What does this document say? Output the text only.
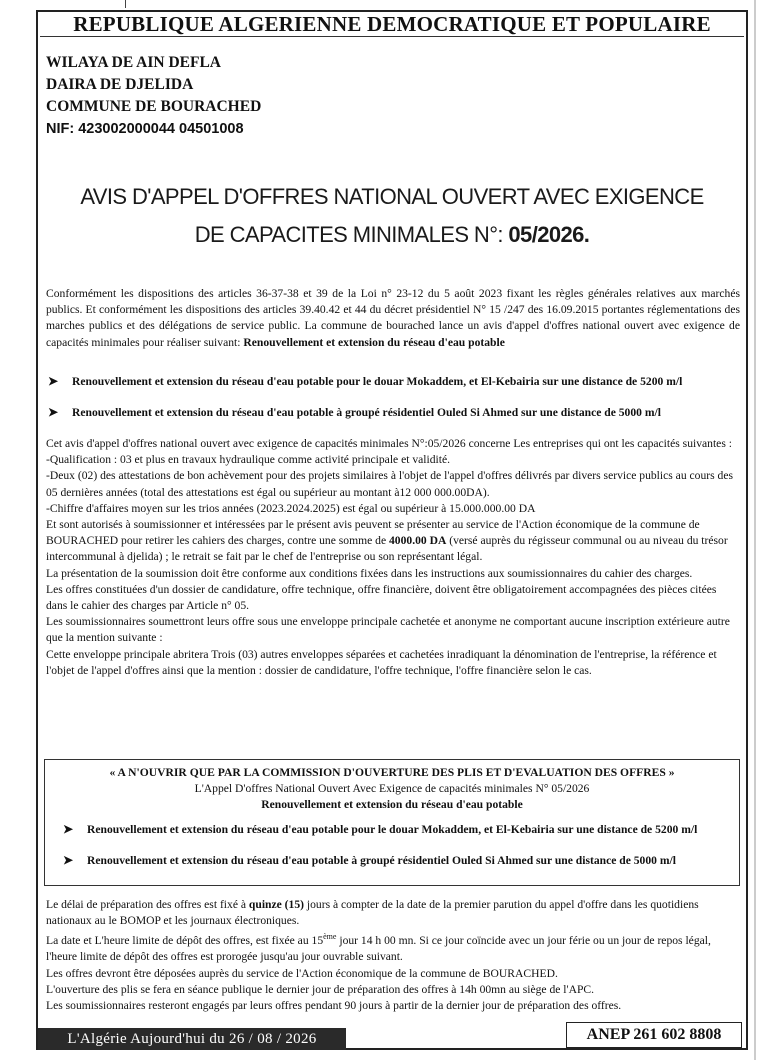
REPUBLIQUE ALGERIENNE DEMOCRATIQUE ET POPULAIRE
WILAYA DE AIN DEFLA
DAIRA DE DJELIDA
COMMUNE DE BOURACHED
NIF: 423002000044 04501008
AVIS D'APPEL D'OFFRES NATIONAL OUVERT AVEC EXIGENCE
DE CAPACITES MINIMALES N°: 05/2026.
Conformément les dispositions des articles 36-37-38 et 39 de la Loi n° 23-12 du 5 août 2023 fixant les règles générales relatives aux marchés publics. Et conformément les dispositions des articles 39.40.42 et 44 du décret présidentiel N° 15 /247 des 16.09.2015 portantes réglementations des marches publics et des délégations de service public. La commune de bourached lance un avis d'appel d'offres national ouvert avec exigence de capacités minimales pour réaliser suivant: Renouvellement et extension du réseau d'eau potable
➤ Renouvellement et extension du réseau d'eau potable pour le douar Mokaddem, et El-Kebairia sur une distance de 5200 m/l
➤ Renouvellement et extension du réseau d'eau potable à groupé résidentiel Ouled Si Ahmed sur une distance de 5000 m/l

Cet avis d'appel d'offres national ouvert avec exigence de capacités minimales N°:05/2026 concerne Les entreprises qui ont les capacités suivantes :

-Qualification : 03 et plus en travaux hydraulique comme activité principale et validité.

-Deux (02) des attestations de bon achèvement pour des projets similaires à l'objet de l'appel d'offres délivrés par divers service publics au cours des 05 dernières années (total des attestations est égal ou supérieur au montant à12 000 000.00DA).

-Chiffre d'affaires moyen sur les trios années (2023.2024.2025) est égal ou supérieur à 15.000.000.00 DA

Et sont autorisés à soumissionner et intéressées par le présent avis peuvent se présenter au service de l'Action économique de la commune de BOURACHED pour retirer les cahiers des charges, contre une somme de 4000.00 DA (versé auprès du régisseur communal ou au niveau du trésor intercommunal à djelida) ; le retrait se fait par le chef de l'entreprise ou son représentant légal.

La présentation de la soumission doit être conforme aux conditions fixées dans les instructions aux soumissionnaires du cahier des charges.

Les offres constituées d'un dossier de candidature, offre technique, offre financière, doivent être obligatoirement accompagnées des pièces citées dans le cahier des charges par Article n° 05.

Les soumissionnaires soumettront leurs offre sous une enveloppe principale cachetée et anonyme ne comportant aucune inscription extérieure autre que la mention suivante :

Cette enveloppe principale abritera Trois (03) autres enveloppes séparées et cachetées inradiquant la dénomination de l'entreprise, la référence et l'objet de l'appel d'offres ainsi que la mention : dossier de candidature, l'offre technique, l'offre financière selon le cas.

« A N'OUVRIR QUE PAR LA COMMISSION D'OUVERTURE DES PLIS ET D'EVALUATION DES OFFRES »
L'Appel D'offres National Ouvert Avec Exigence de capacités minimales N° 05/2026
Renouvellement et extension du réseau d'eau potable
➤ Renouvellement et extension du réseau d'eau potable pour le douar Mokaddem, et El-Kebairia sur une distance de 5200 m/l
➤ Renouvellement et extension du réseau d'eau potable à groupé résidentiel Ouled Si Ahmed sur une distance de 5000 m/l

Le délai de préparation des offres est fixé à quinze (15) jours à compter de la date de la premier parution du appel d'offre dans les quotidiens nationaux au le BOMOP et les journaux électroniques.

La date et L'heure limite de dépôt des offres, est fixée au 15ème jour 14 h 00 mn. Si ce jour coïncide avec un jour férie ou un jour de repos légal, l'heure limite de dépôt des offres est prorogée jusqu'au jour ouvrable suivant.

Les offres devront être déposées auprès du service de l'Action économique de la commune de BOURACHED.

L'ouverture des plis se fera en séance publique le dernier jour de préparation des offres à 14h 00mn au siège de l'APC.

Les soumissionnaires resteront engagés par leurs offres pendant 90 jours à partir de la dernier jour de préparation des offres.

L'Algérie Aujourd'hui du 26 / 08 / 2026	ANEP 261 602 8808
